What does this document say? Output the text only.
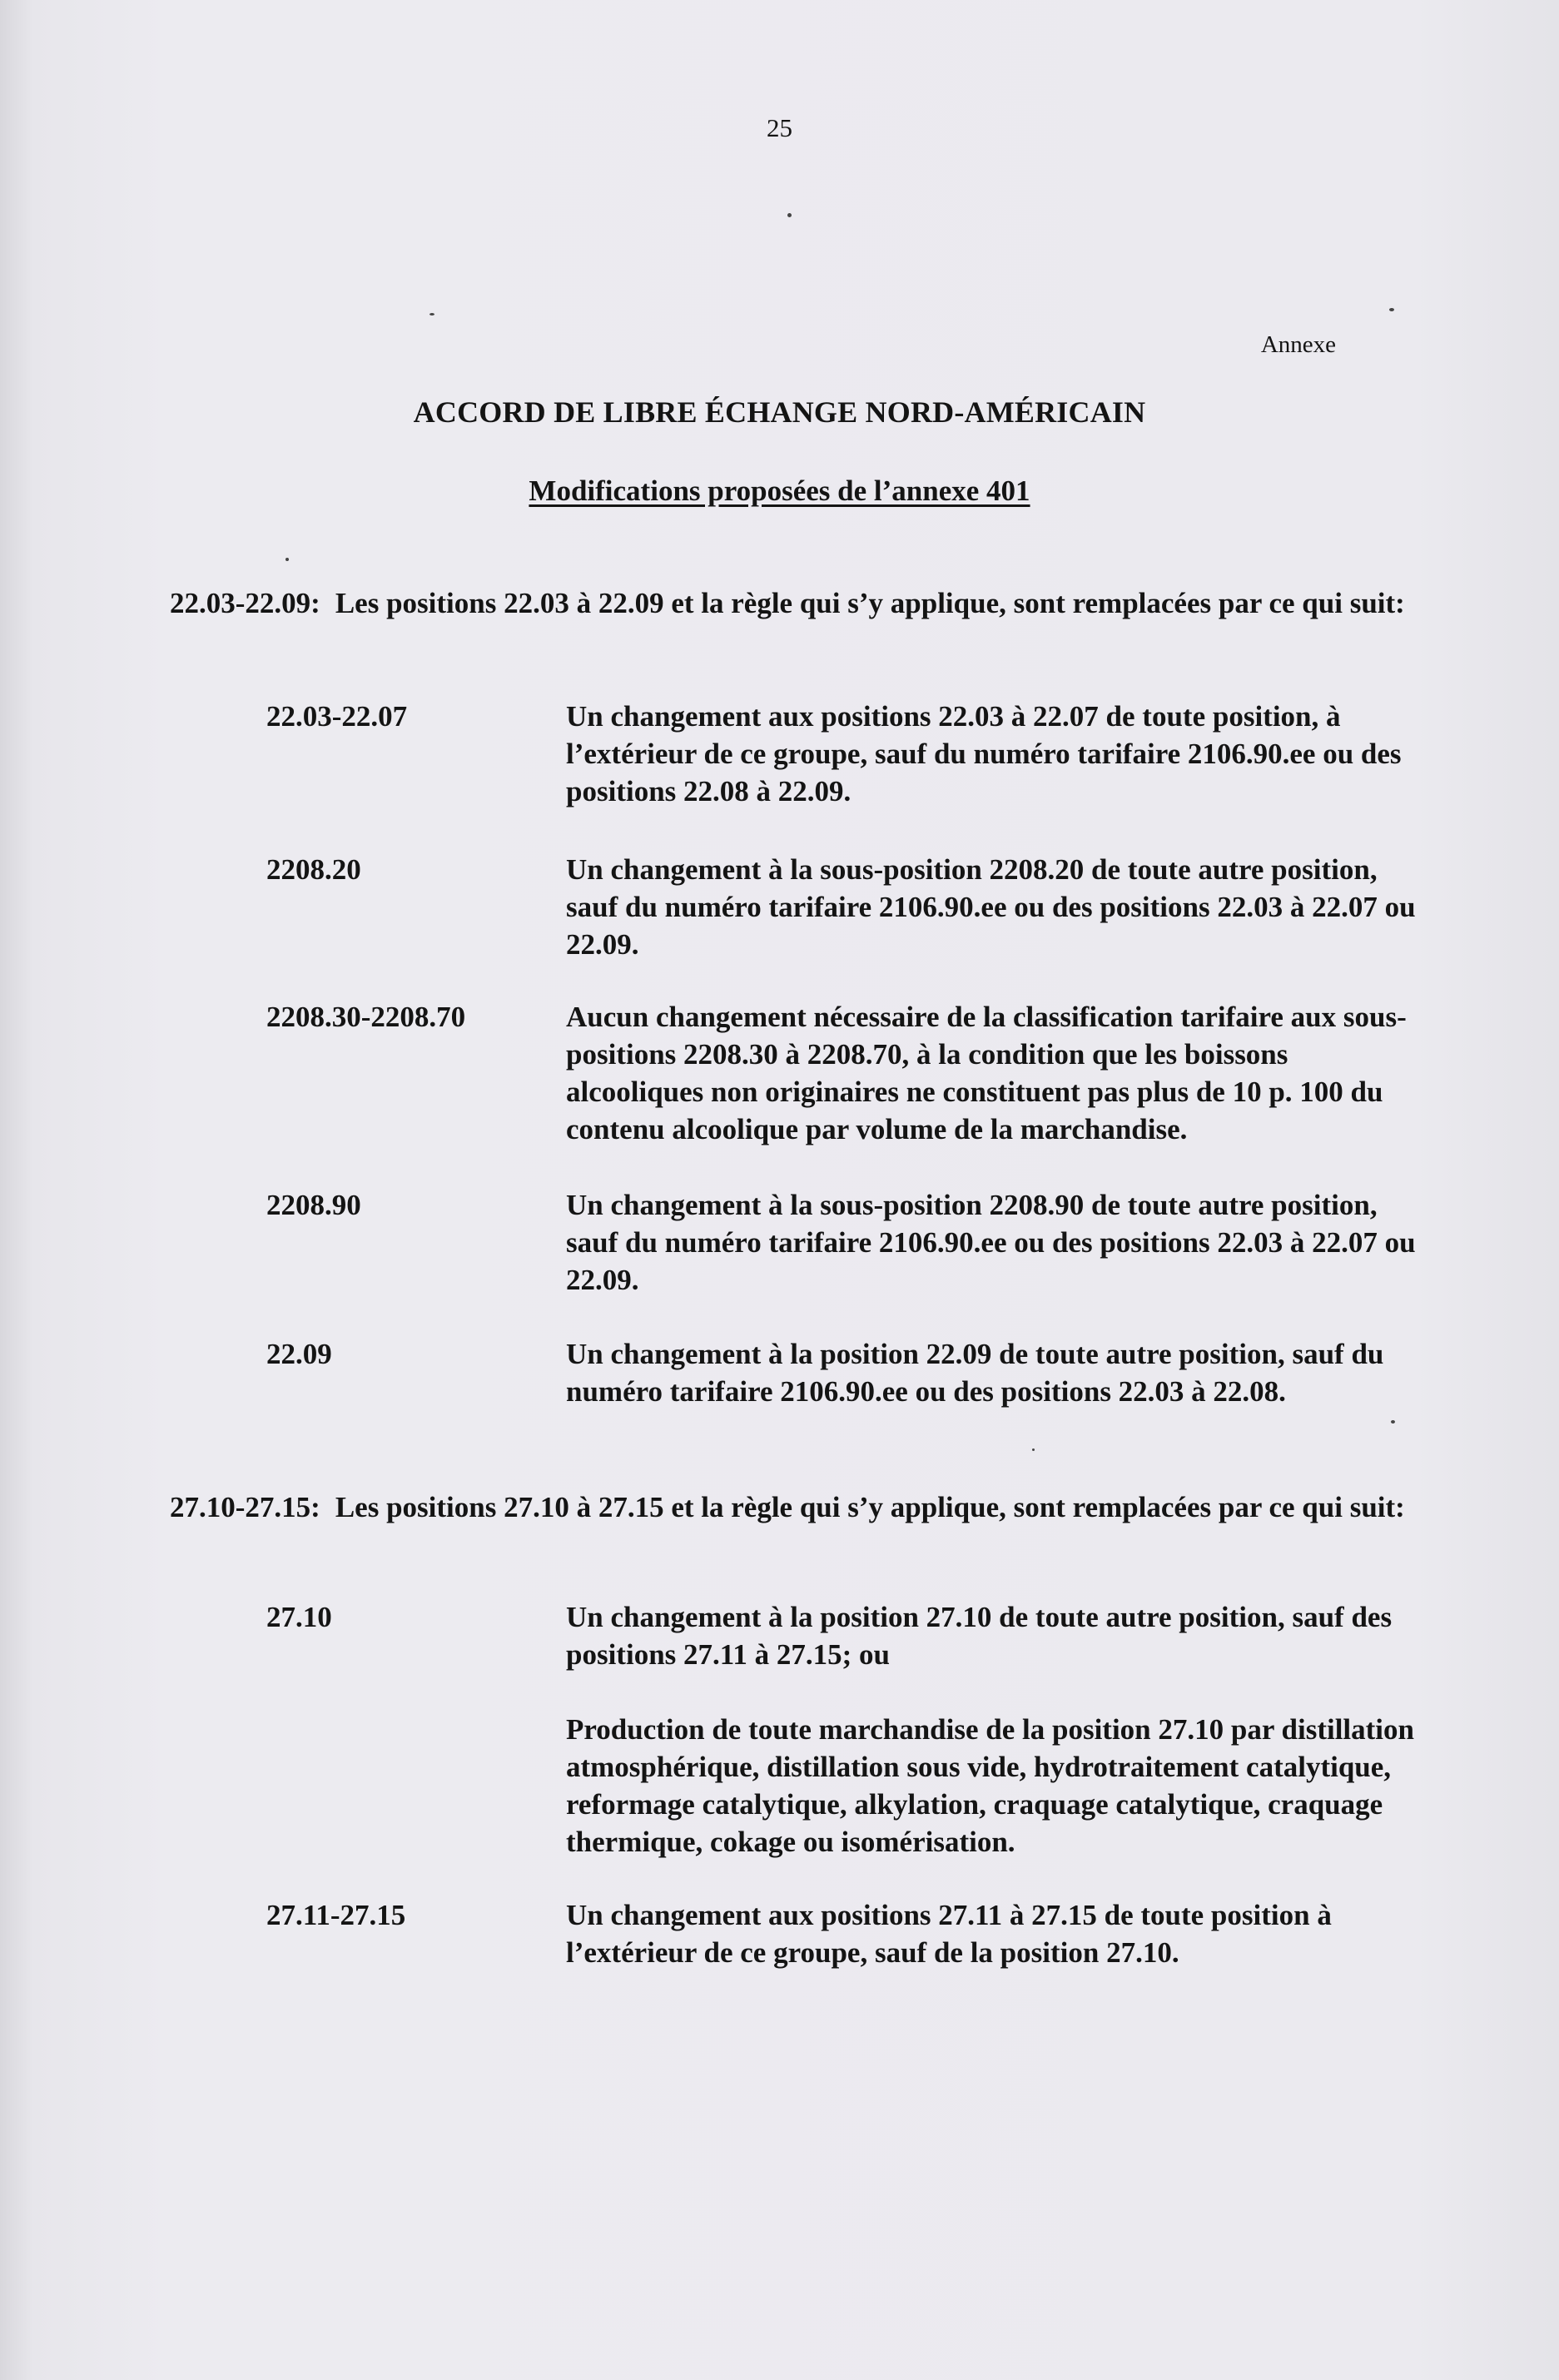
25
Annexe
ACCORD DE LIBRE ÉCHANGE NORD-AMÉRICAIN
Modifications proposées de l’annexe 401
22.03-22.09: Les positions 22.03 à 22.09 et la règle qui s’y applique, sont remplacées par ce qui suit:
22.03-22.07	Un changement aux positions 22.03 à 22.07 de toute position, à l’extérieur de ce groupe, sauf du numéro tarifaire 2106.90.ee ou des positions 22.08 à 22.09.

2208.20	Un changement à la sous-position 2208.20 de toute autre position, sauf du numéro tarifaire 2106.90.ee ou des positions 22.03 à 22.07 ou 22.09.

2208.30-2208.70	Aucun changement nécessaire de la classification tarifaire aux sous-positions 2208.30 à 2208.70, à la condition que les boissons alcooliques non originaires ne constituent pas plus de 10 p. 100 du contenu alcoolique par volume de la marchandise.

2208.90	Un changement à la sous-position 2208.90 de toute autre position, sauf du numéro tarifaire 2106.90.ee ou des positions 22.03 à 22.07 ou 22.09.

22.09	Un changement à la position 22.09 de toute autre position, sauf du numéro tarifaire 2106.90.ee ou des positions 22.03 à 22.08.

27.10-27.15: Les positions 27.10 à 27.15 et la règle qui s’y applique, sont remplacées par ce qui suit:
27.10	Un changement à la position 27.10 de toute autre position, sauf des positions 27.11 à 27.15; ou

Production de toute marchandise de la position 27.10 par distillation atmosphérique, distillation sous vide, hydrotraitement catalytique, reformage catalytique, alkylation, craquage catalytique, craquage thermique, cokage ou isomérisation.

27.11-27.15	Un changement aux positions 27.11 à 27.15 de toute position à l’extérieur de ce groupe, sauf de la position 27.10.
